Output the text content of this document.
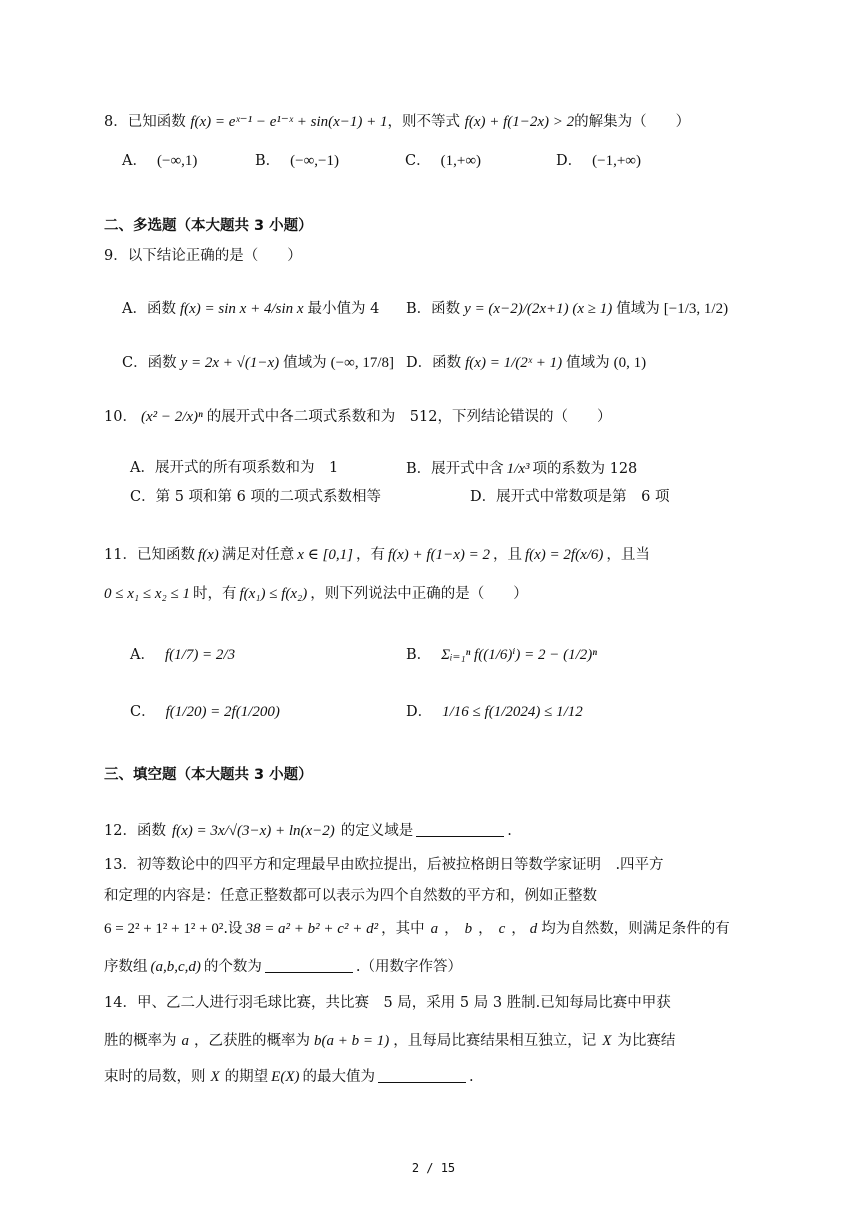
8．已知函数 f(x) = eˣ⁻¹ − e¹⁻ˣ + sin(x−1) + 1，则不等式 f(x) + f(1−2x) > 2的解集为（　　）
A． (−∞,1)	B． (−∞,−1)	C． (1,+∞)	D． (−1,+∞)
二、多选题（本大题共 3 小题）
9．以下结论正确的是（　　）
A．函数 f(x) = sin x + 4/sin x 最小值为 4 B．函数 y = (x−2)/(2x+1) (x ≥ 1) 值域为 [−1/3, 1/2)
C．函数 y = 2x + √(1−x) 值域为 (−∞, 17/8] D．函数 f(x) = 1/(2ˣ + 1) 值域为 (0, 1)
10． (x² − 2/x)ⁿ 的展开式中各二项式系数和为　512，下列结论错误的（　　）
A．展开式的所有项系数和为　1	B．展开式中含 1/x³ 项的系数为 128
C．第 5 项和第 6 项的二项式系数相等	D．展开式中常数项是第　6 项
11．已知函数 f(x) 满足对任意 x ∈ [0,1] ，有 f(x) + f(1−x) = 2 ，且 f(x) = 2f(x/6) ，且当
0 ≤ x₁ ≤ x₂ ≤ 1 时，有 f(x₁) ≤ f(x₂) ，则下列说法中正确的是（　　）
A． f(1/7) = 2/3	B． Σᵢ₌₁ⁿ f((1/6)ⁱ) = 2 − (1/2)ⁿ
C． f(1/20) = 2f(1/200)	D． 1/16 ≤ f(1/2024) ≤ 1/12
三、填空题（本大题共 3 小题）
12．函数 f(x) = 3x/√(3−x) + ln(x−2) 的定义域是	.
13．初等数论中的四平方和定理最早由欧拉提出，后被拉格朗日等数学家证明　.四平方
和定理的内容是：任意正整数都可以表示为四个自然数的平方和，例如正整数
6 = 2² + 1² + 1² + 0².设 38 = a² + b² + c² + d² ，其中 a ， b ， c ， d 均为自然数，则满足条件的有
序数组 (a,b,c,d) 的个数为	.（用数字作答）
14．甲、乙二人进行羽毛球比赛，共比赛　5 局，采用 5 局 3 胜制.已知每局比赛中甲获
胜的概率为 a ，乙获胜的概率为 b(a + b = 1) ，且每局比赛结果相互独立，记 X 为比赛结
束时的局数，则 X 的期望 E(X) 的最大值为	.
2 / 15
